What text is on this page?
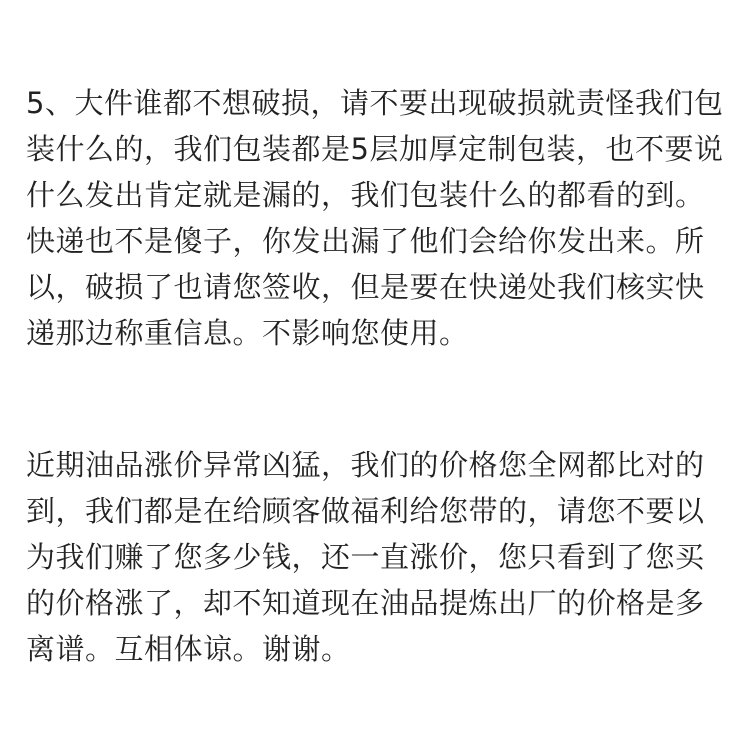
5、大件谁都不想破损，请不要出现破损就责怪我们包装什么的，我们包装都是5层加厚定制包装，也不要说什么发出肯定就是漏的，我们包装什么的都看的到。快递也不是傻子，你发出漏了他们会给你发出来。所以，破损了也请您签收，但是要在快递处我们核实快递那边称重信息。不影响您使用。

近期油品涨价异常凶猛，我们的价格您全网都比对的到，我们都是在给顾客做福利给您带的，请您不要以为我们赚了您多少钱，还一直涨价，您只看到了您买的价格涨了，却不知道现在油品提炼出厂的价格是多离谱。互相体谅。谢谢。
